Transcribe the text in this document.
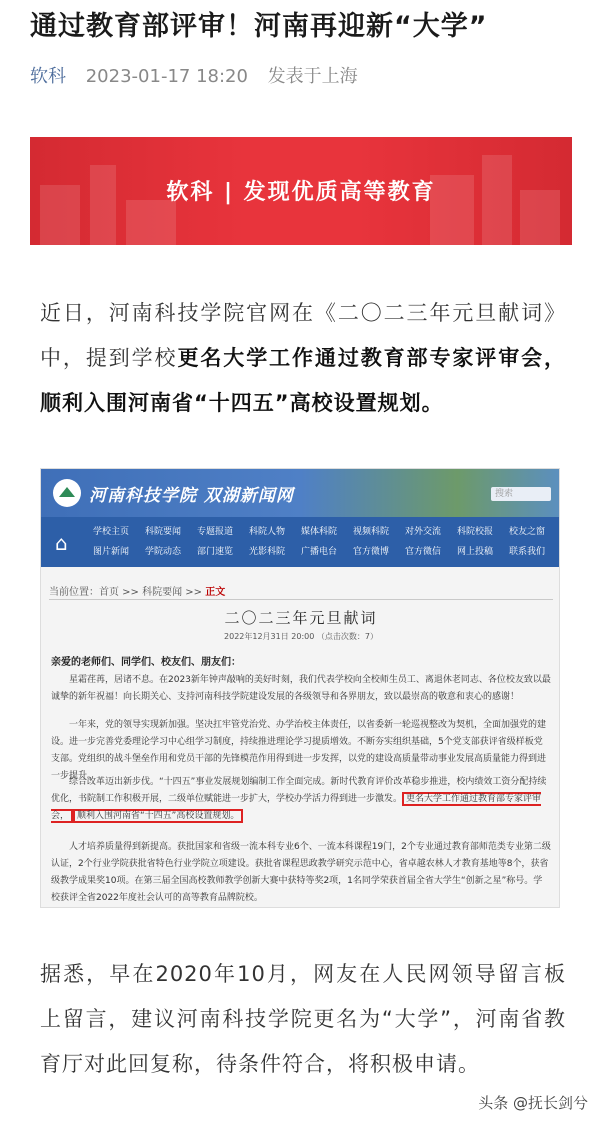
通过教育部评审！河南再迎新“大学”
软科 2023-01-17 18:20 发表于上海
软科 | 发现优质高等教育
近日，河南科技学院官网在《二〇二三年元旦献词》中，提到学校更名大学工作通过教育部专家评审会，顺利入围河南省“十四五”高校设置规划。
河南科技学院 双湖新闻网	搜索
⌂	学校主页	科院要闻	专题报道	科院人物	媒体科院	视频科院	对外交流	科院校报	校友之窗
图片新闻	学院动态	部门速览	光影科院	广播电台	官方微博	官方微信	网上投稿	联系我们
当前位置：首页 >> 科院要闻 >> 正文
二〇二三年元旦献词
2022年12月31日 20:00 （点击次数：7）
亲爱的老师们、同学们、校友们、朋友们：
星霜荏苒，居诸不息。在2023新年钟声敲响的美好时刻，我们代表学校向全校师生员工、离退休老同志、各位校友致以最诚挚的新年祝福！向长期关心、支持河南科技学院建设发展的各级领导和各界朋友，致以最崇高的敬意和衷心的感谢！
一年来，党的领导实现新加强。坚决扛牢管党治党、办学治校主体责任，以省委新一轮巡视整改为契机，全面加强党的建设。进一步完善党委理论学习中心组学习制度，持续推进理论学习提质增效。不断夯实组织基础，5个党支部获评省级样板党支部。党组织的战斗堡垒作用和党员干部的先锋模范作用得到进一步发挥，以党的建设高质量带动事业发展高质量能力得到进一步提升。
综合改革迈出新步伐。“十四五”事业发展规划编制工作全面完成。新时代教育评价改革稳步推进，校内绩效工资分配持续优化，书院制工作积极开展，二级单位赋能进一步扩大，学校办学活力得到进一步激发。 更名大学工作通过教育部专家评审会， 顺利入围河南省“十四五”高校设置规划。
人才培养质量得到新提高。获批国家和省级一流本科专业6个、一流本科课程19门，2个专业通过教育部师范类专业第二级认证，2个行业学院获批省特色行业学院立项建设。获批省课程思政教学研究示范中心，省卓越农林人才教育基地等8个，获省级教学成果奖10项。在第三届全国高校教师教学创新大赛中获特等奖2项，1名同学荣获首届全省大学生“创新之星”称号。学校获评全省2022年度社会认可的高等教育品牌院校。
据悉，早在2020年10月，网友在人民网领导留言板上留言，建议河南科技学院更名为“大学”，河南省教育厅对此回复称，待条件符合，将积极申请。
头条 @抚长剑兮
